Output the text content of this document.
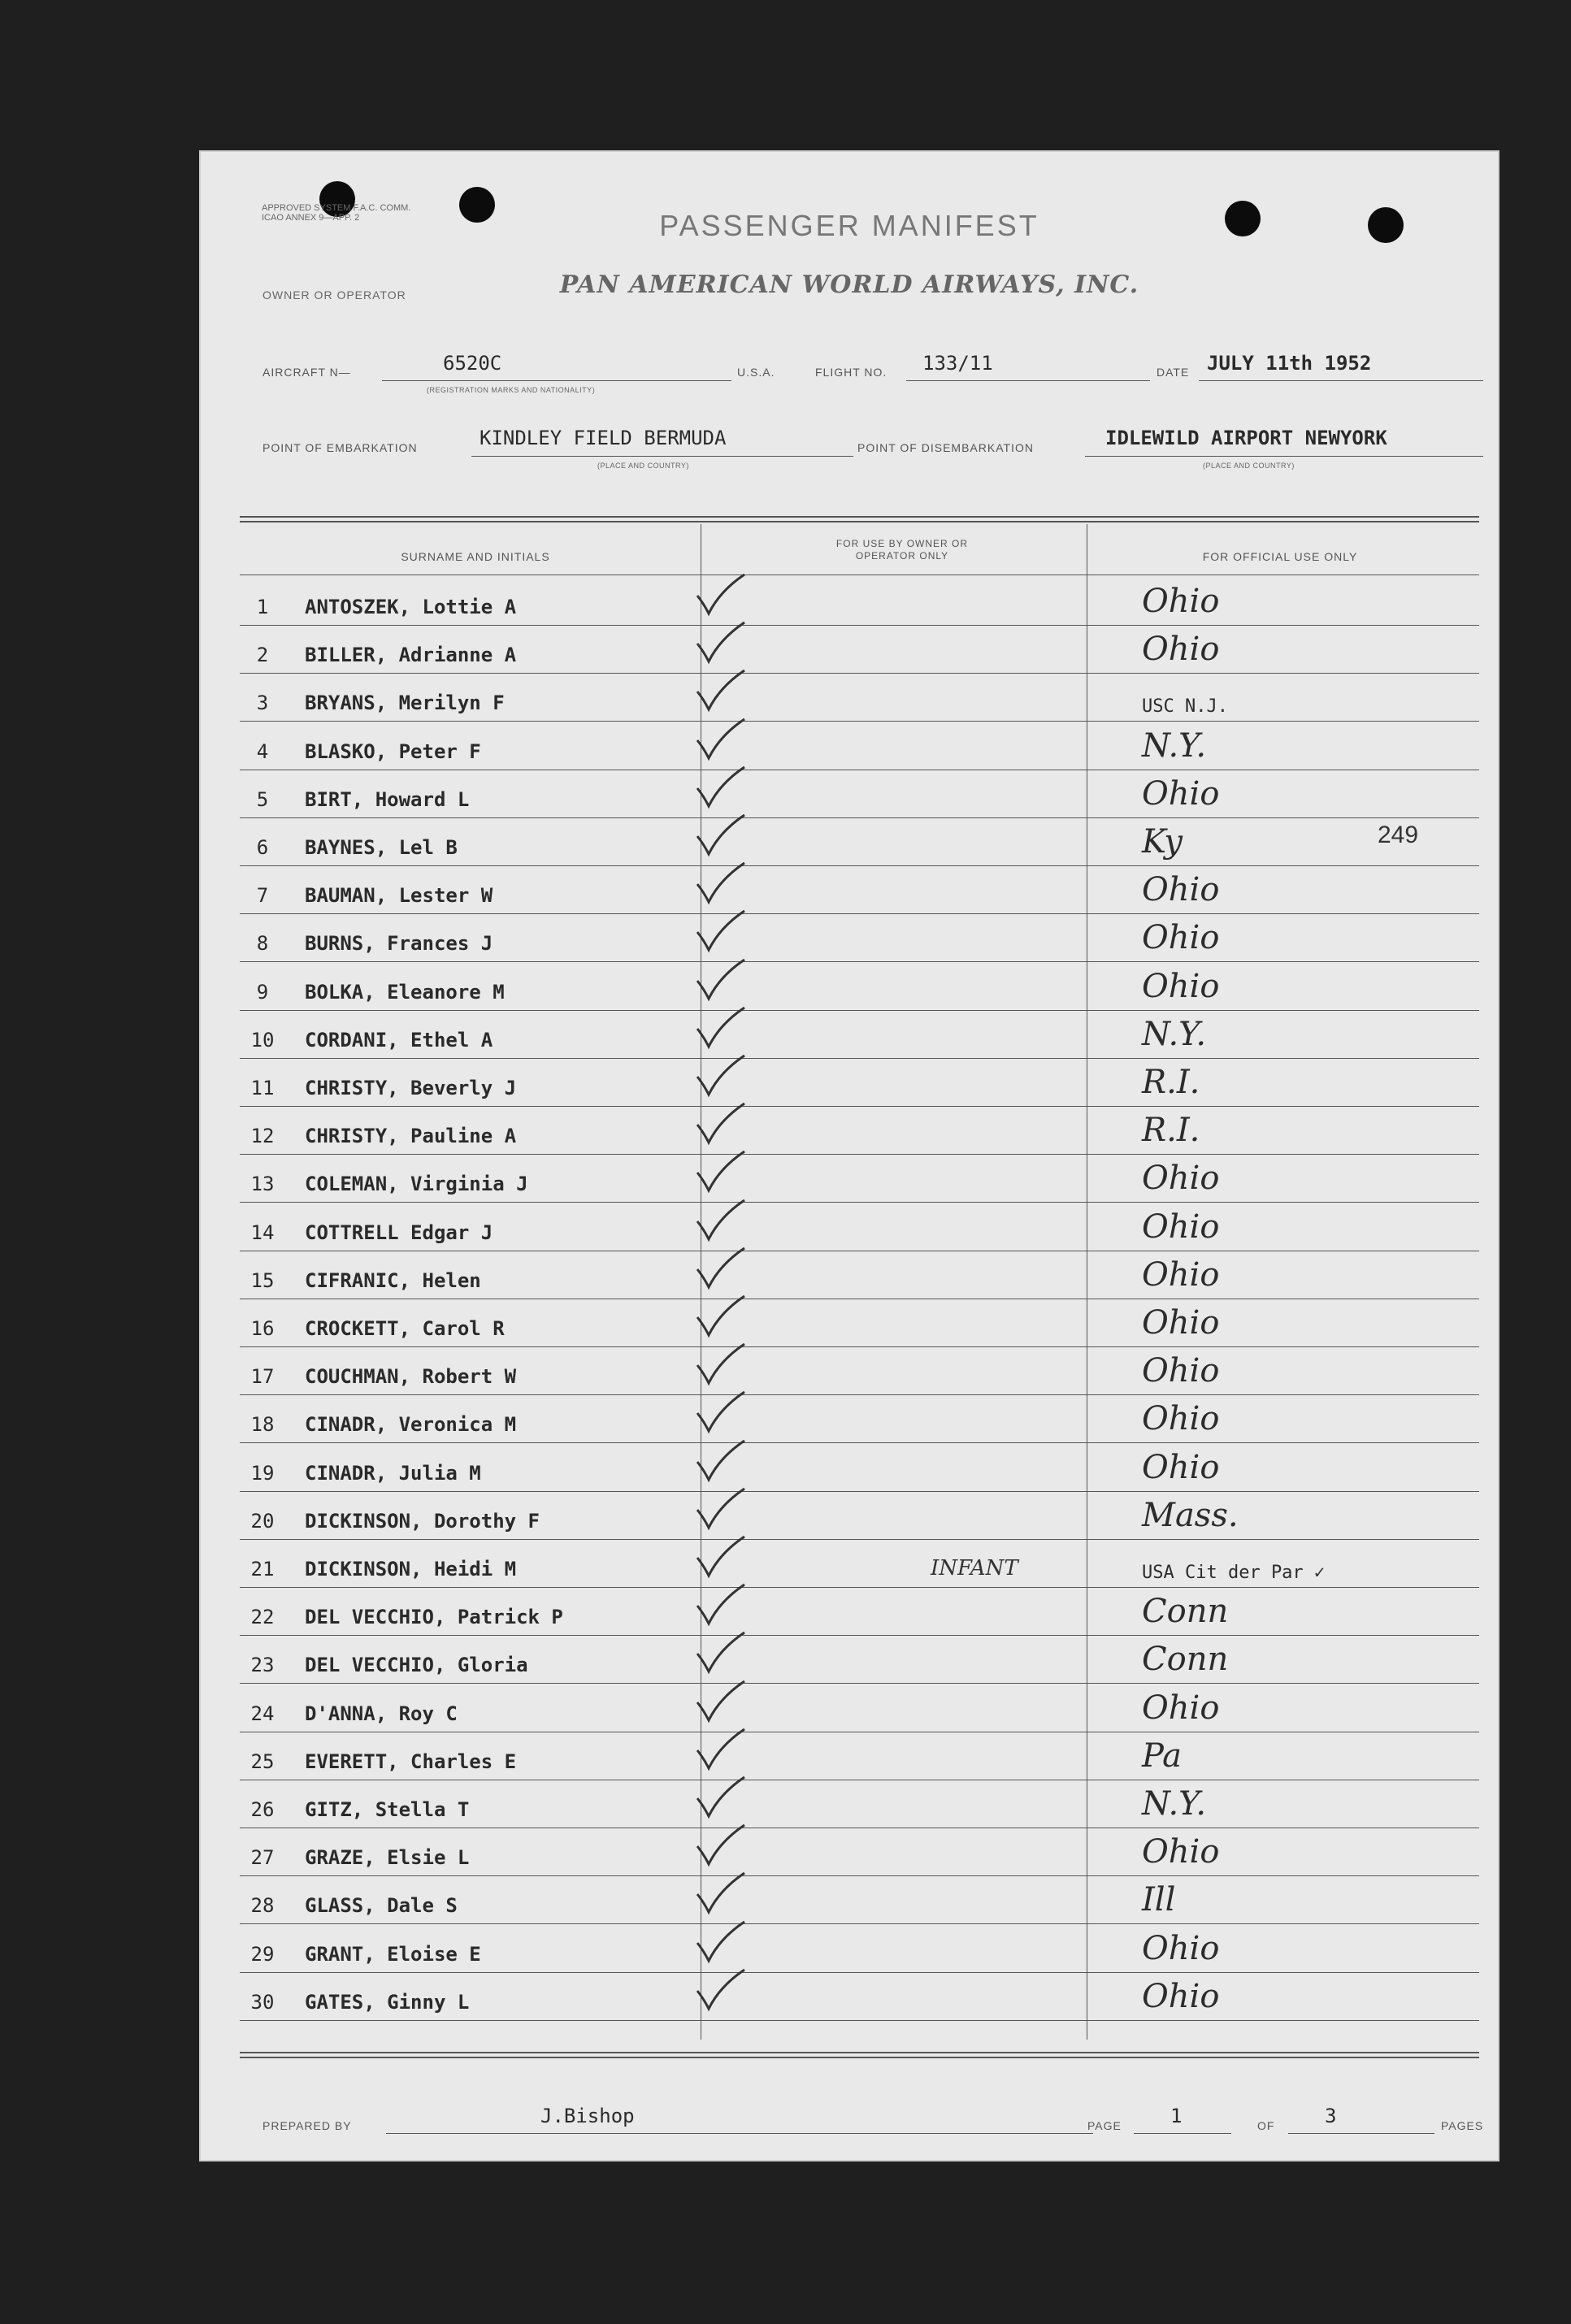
APPROVED SYSTEM F.A.C. COMM. ICAO ANNEX 9—APP. 2	PASSENGER MANIFEST
OWNER OR OPERATOR	PAN AMERICAN WORLD AIRWAYS, INC.
AIRCRAFT N—	6520C
(REGISTRATION MARKS AND NATIONALITY)
U.S.A.	FLIGHT NO. 133/11	DATE JULY 11th 1952
POINT OF EMBARKATION	KINDLEY FIELD BERMUDA
(PLACE AND COUNTRY)
POINT OF DISEMBARKATION	IDLEWILD AIRPORT NEWYORK
(PLACE AND COUNTRY)
SURNAME AND INITIALS
FOR USE BY OWNER OR OPERATOR ONLY	FOR OFFICIAL USE ONLY
1	ANTOSZEK, Lottie A	Ohio
2	BILLER, Adrianne A	Ohio
3	BRYANS, Merilyn F	USC N.J.
4	BLASKO, Peter F	N.Y.
5	BIRT, Howard L	Ohio
6	BAYNES, Lel B	Ky	249
7	BAUMAN, Lester W	Ohio
8	BURNS, Frances J	Ohio
9	BOLKA, Eleanore M	Ohio
10 CORDANI, Ethel A	N.Y.
11 CHRISTY, Beverly J	R.I.
12 CHRISTY, Pauline A	R.I.
13 COLEMAN, Virginia J	Ohio
14 COTTRELL Edgar J	Ohio
15 CIFRANIC, Helen	Ohio
16 CROCKETT, Carol R	Ohio
17 COUCHMAN, Robert W	Ohio
18 CINADR, Veronica M	Ohio
19 CINADR, Julia M	Ohio
20 DICKINSON, Dorothy F	Mass.
21 DICKINSON, Heidi M	INFANT	USA Cit der Par ✓
22 DEL VECCHIO, Patrick P	Conn
23 DEL VECCHIO, Gloria	Conn
24 D'ANNA, Roy C	Ohio
25 EVERETT, Charles E	Pa
26 GITZ, Stella T	N.Y.
27 GRAZE, Elsie L	Ohio
28 GLASS, Dale S	Ill
29 GRANT, Eloise E	Ohio
30 GATES, Ginny L	Ohio
PREPARED BY	J.Bishop	PAGE	1	OF	3	PAGES
